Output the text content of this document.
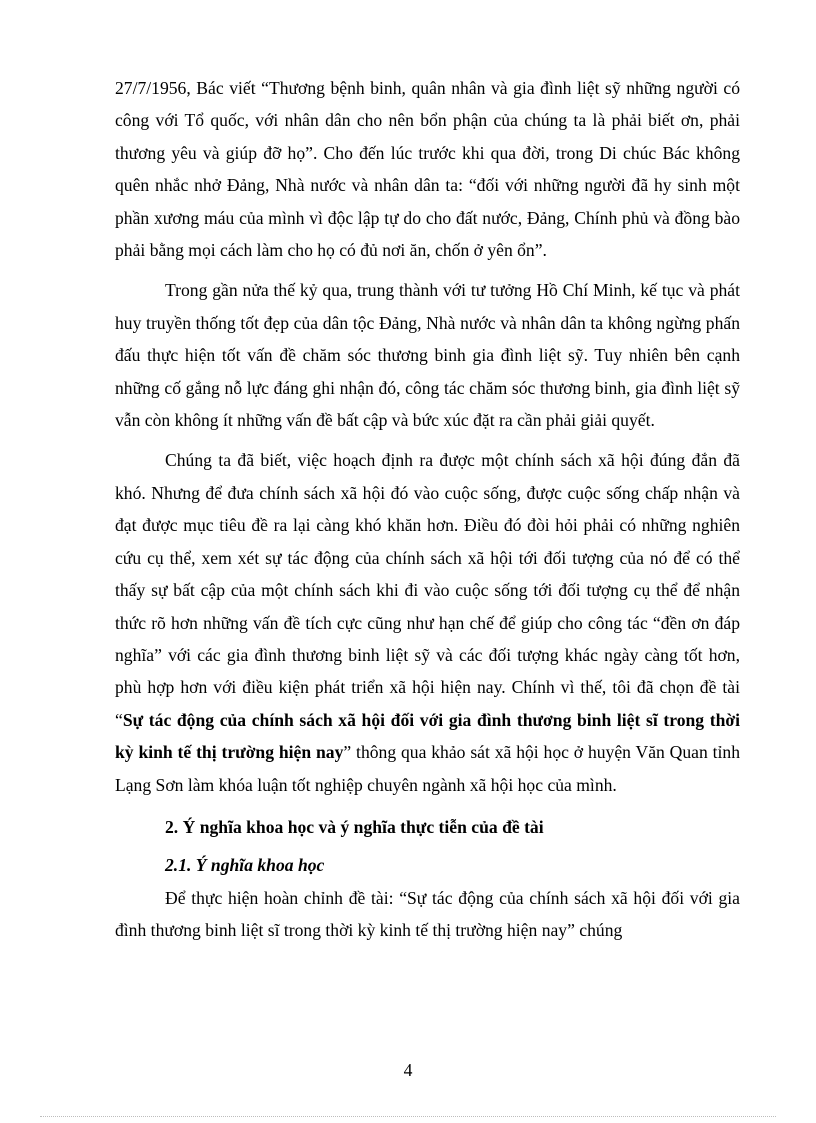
27/7/1956, Bác viết “Thương bệnh binh, quân nhân và gia đình liệt sỹ những người có công với Tổ quốc, với nhân dân cho nên bổn phận của chúng ta là phải biết ơn, phải thương yêu và giúp đỡ họ”. Cho đến lúc trước khi qua đời, trong Di chúc Bác không quên nhắc nhở Đảng, Nhà nước và nhân dân ta: “đối với những người đã hy sinh một phần xương máu của mình vì độc lập tự do cho đất nước, Đảng, Chính phủ và đồng bào phải bằng mọi cách làm cho họ có đủ nơi ăn, chốn ở yên ổn”.

Trong gần nửa thế kỷ qua, trung thành với tư tưởng Hồ Chí Minh, kế tục và phát huy truyền thống tốt đẹp của dân tộc Đảng, Nhà nước và nhân dân ta không ngừng phấn đấu thực hiện tốt vấn đề chăm sóc thương binh gia đình liệt sỹ. Tuy nhiên bên cạnh những cố gắng nỗ lực đáng ghi nhận đó, công tác chăm sóc thương binh, gia đình liệt sỹ vẫn còn không ít những vấn đề bất cập và bức xúc đặt ra cần phải giải quyết.

Chúng ta đã biết, việc hoạch định ra được một chính sách xã hội đúng đắn đã khó. Nhưng để đưa chính sách xã hội đó vào cuộc sống, được cuộc sống chấp nhận và đạt được mục tiêu đề ra lại càng khó khăn hơn. Điều đó đòi hỏi phải có những nghiên cứu cụ thể, xem xét sự tác động của chính sách xã hội tới đối tượng của nó để có thể thấy sự bất cập của một chính sách khi đi vào cuộc sống tới đối tượng cụ thể để nhận thức rõ hơn những vấn đề tích cực cũng như hạn chế để giúp cho công tác “đền ơn đáp nghĩa” với các gia đình thương binh liệt sỹ và các đối tượng khác ngày càng tốt hơn, phù hợp hơn với điều kiện phát triển xã hội hiện nay. Chính vì thế, tôi đã chọn đề tài “Sự tác động của chính sách xã hội đối với gia đình thương binh liệt sĩ trong thời kỳ kinh tế thị trường hiện nay” thông qua khảo sát xã hội học ở huyện Văn Quan tỉnh Lạng Sơn làm khóa luận tốt nghiệp chuyên ngành xã hội học của mình.

2. Ý nghĩa khoa học và ý nghĩa thực tiễn của đề tài
2.1. Ý nghĩa khoa học

Để thực hiện hoàn chỉnh đề tài: “Sự tác động của chính sách xã hội đối với gia đình thương binh liệt sĩ trong thời kỳ kinh tế thị trường hiện nay” chúng

4
